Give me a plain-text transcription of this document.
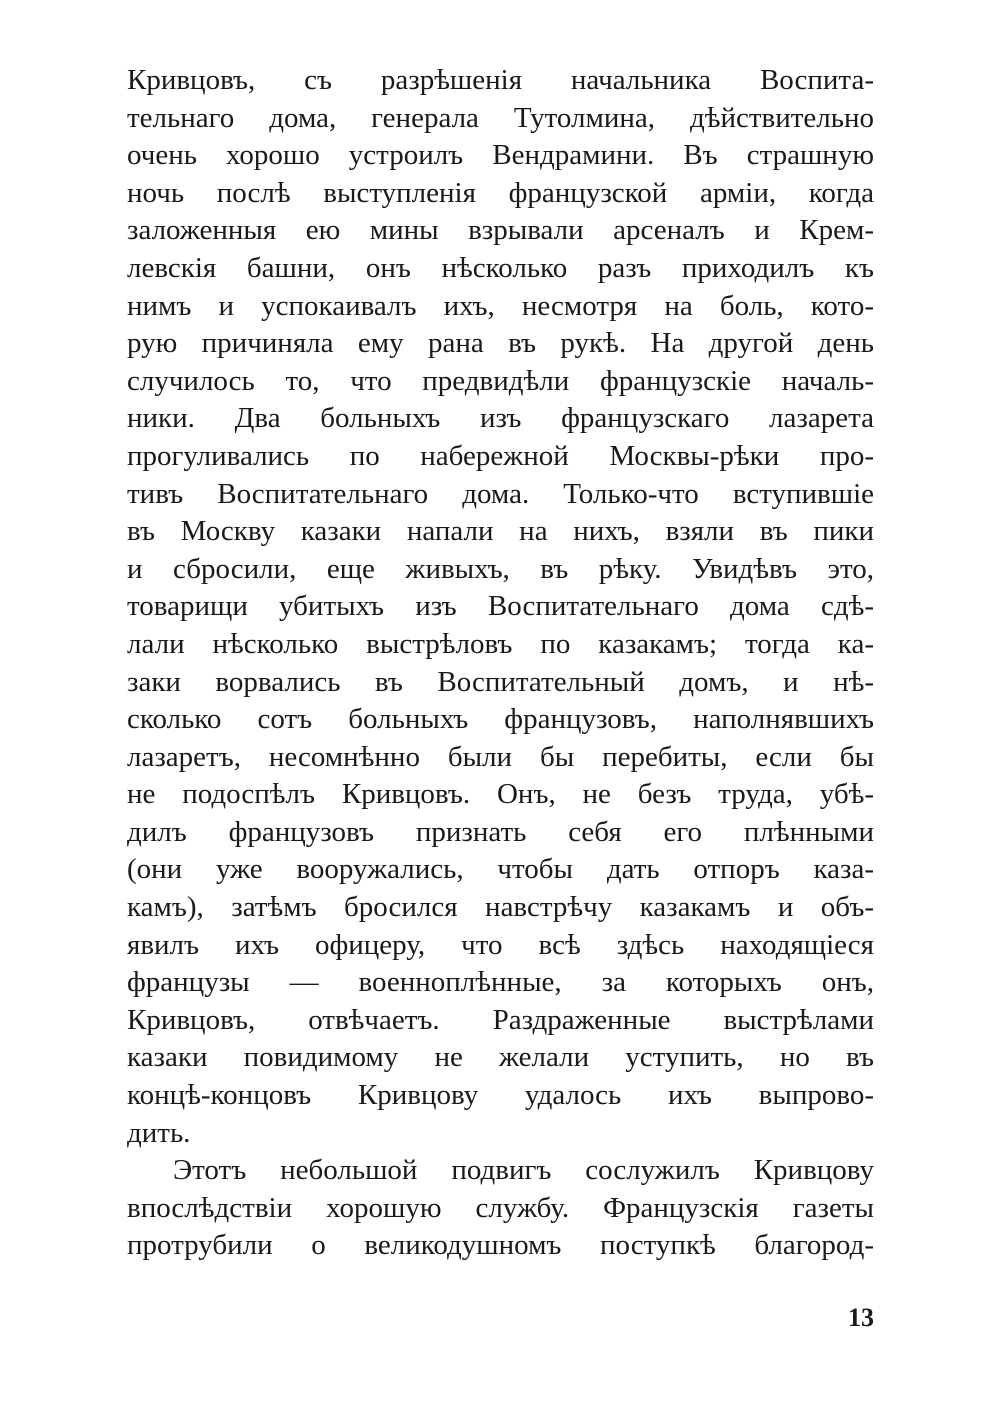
Кривцовъ, съ разрѣшенія начальника Воспита-
тельнаго дома, генерала Тутолмина, дѣйствительно
очень хорошо устроилъ Вендрамини. Въ страшную
ночь послѣ выступленія французской арміи, когда
заложенныя ею мины взрывали арсеналъ и Крем-
левскія башни, онъ нѣсколько разъ приходилъ къ
нимъ и успокаивалъ ихъ, несмотря на боль, кото-
рую причиняла ему рана въ рукѣ. На другой день
случилось то, что предвидѣли французскіе началь-
ники. Два больныхъ изъ французскаго лазарета
прогуливались по набережной Москвы-рѣки про-
тивъ Воспитательнаго дома. Только-что вступившіе
въ Москву казаки напали на нихъ, взяли въ пики
и сбросили, еще живыхъ, въ рѣку. Увидѣвъ это,
товарищи убитыхъ изъ Воспитательнаго дома сдѣ-
лали нѣсколько выстрѣловъ по казакамъ; тогда ка-
заки ворвались въ Воспитательный домъ, и нѣ-
сколько сотъ больныхъ французовъ, наполнявшихъ
лазаретъ, несомнѣнно были бы перебиты, если бы
не подоспѣлъ Кривцовъ. Онъ, не безъ труда, убѣ-
дилъ французовъ признать себя его плѣнными
(они уже вооружались, чтобы дать отпоръ каза-
камъ), затѣмъ бросился навстрѣчу казакамъ и объ-
явилъ ихъ офицеру, что всѣ здѣсь находящіеся
французы — военноплѣнные, за которыхъ онъ,
Кривцовъ, отвѣчаетъ. Раздраженные выстрѣлами
казаки повидимому не желали уступить, но въ
концѣ-концовъ Кривцову удалось ихъ выпрово-
дить.
Этотъ небольшой подвигъ сослужилъ Кривцову
впослѣдствіи хорошую службу. Французскія газеты
протрубили о великодушномъ поступкѣ благород-
13
